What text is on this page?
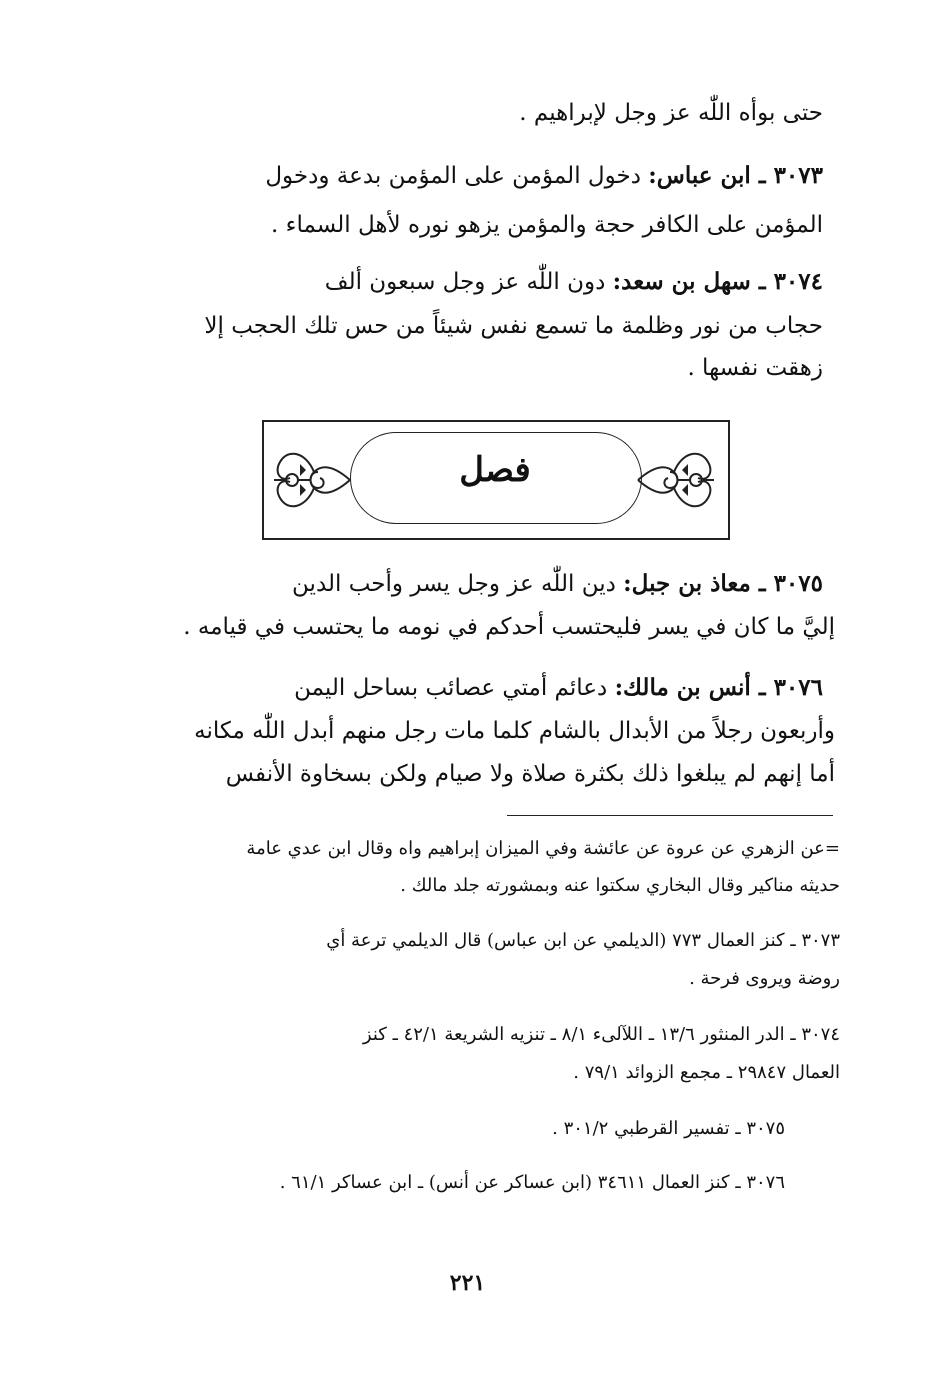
حتى بوأه اللّٰه عز وجل لإبراهيم .
٣٠٧٣ ـ ابن عباس: دخول المؤمن على المؤمن بدعة ودخول
المؤمن على الكافر حجة والمؤمن يزهو نوره لأهل السماء .
٣٠٧٤ ـ سهل بن سعد: دون اللّٰه عز وجل سبعون ألف
حجاب من نور وظلمة ما تسمع نفس شيئاً من حس تلك الحجب إلا
زهقت نفسها .
فصل
٣٠٧٥ ـ معاذ بن جبل: دين اللّٰه عز وجل يسر وأحب الدين
إليَّ ما كان في يسر فليحتسب أحدكم في نومه ما يحتسب في قيامه .
٣٠٧٦ ـ أنس بن مالك: دعائم أمتي عصائب بساحل اليمن
وأربعون رجلاً من الأبدال بالشام كلما مات رجل منهم أبدل اللّٰه مكانه
أما إنهم لم يبلغوا ذلك بكثرة صلاة ولا صيام ولكن بسخاوة الأنفس
=عن الزهري عن عروة عن عائشة وفي الميزان إبراهيم واه وقال ابن عدي عامة
حديثه مناكير وقال البخاري سكتوا عنه وبمشورته جلد مالك .
٣٠٧٣ ـ كنز العمال ٧٧٣ (الديلمي عن ابن عباس) قال الديلمي ترعة أي
روضة ويروى فرحة .
٣٠٧٤ ـ الدر المنثور ١٣/٦ ـ اللآلىء ٨/١ ـ تنزيه الشريعة ٤٢/١ ـ كنز
العمال ٢٩٨٤٧ ـ مجمع الزوائد ٧٩/١ .
٣٠٧٥ ـ تفسير القرطبي ٣٠١/٢ .
٣٠٧٦ ـ كنز العمال ٣٤٦١١ (ابن عساكر عن أنس) ـ ابن عساكر ٦١/١ .
٢٢١
